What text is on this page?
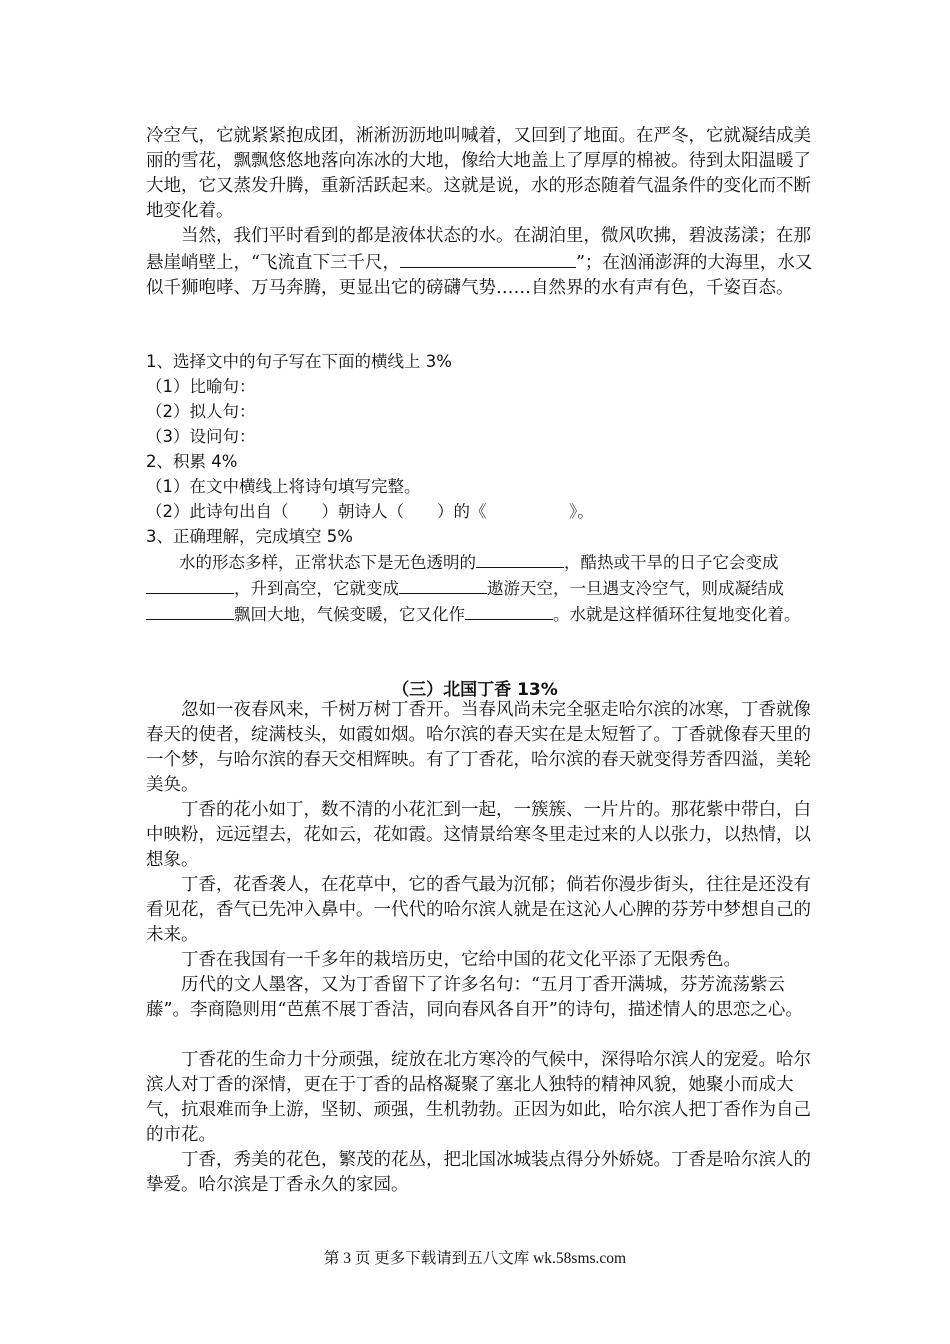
冷空气，它就紧紧抱成团，淅淅沥沥地叫喊着，又回到了地面。在严冬，它就凝结成美丽的雪花，飘飘悠悠地落向冻冰的大地，像给大地盖上了厚厚的棉被。待到太阳温暖了大地，它又蒸发升腾，重新活跃起来。这就是说，水的形态随着气温条件的变化而不断地变化着。

　　当然，我们平时看到的都是液体状态的水。在湖泊里，微风吹拂，碧波荡漾；在那悬崖峭壁上，“飞流直下三千尺，	”；在汹涌澎湃的大海里，水又似千狮咆哮、万马奔腾，更显出它的磅礴气势……自然界的水有声有色，千姿百态。

1、选择文中的句子写在下面的横线上 3%

（1）比喻句：

（2）拟人句：

（3）设问句：

2、积累 4%

（1）在文中横线上将诗句填写完整。

（2）此诗句出自（　　）朝诗人（　　）的《　　　　　》。

3、正确理解，完成填空 5%

　　水的形态多样，正常状态下是无色透明的	，酷热或干旱的日子它会变成，升到高空，它就变成	遨游天空，一旦遇支冷空气，则成凝结成飘回大地，气候变暖，它又化作	。水就是这样循环往复地变化着。

（三）北国丁香 13%

　　忽如一夜春风来，千树万树丁香开。当春风尚未完全驱走哈尔滨的冰寒，丁香就像春天的使者，绽满枝头，如霞如烟。哈尔滨的春天实在是太短暂了。丁香就像春天里的一个梦，与哈尔滨的春天交相辉映。有了丁香花，哈尔滨的春天就变得芳香四溢，美轮美奂。

　　丁香的花小如丁，数不清的小花汇到一起，一簇簇、一片片的。那花紫中带白，白中映粉，远远望去，花如云，花如霞。这情景给寒冬里走过来的人以张力，以热情，以想象。

　　丁香，花香袭人，在花草中，它的香气最为沉郁；倘若你漫步街头，往往是还没有看见花，香气已先冲入鼻中。一代代的哈尔滨人就是在这沁人心脾的芬芳中梦想自己的未来。

　　丁香在我国有一千多年的栽培历史，它给中国的花文化平添了无限秀色。

　　历代的文人墨客，又为丁香留下了许多名句：“五月丁香开满城，芬芳流荡紫云藤”。李商隐则用“芭蕉不展丁香洁，同向春风各自开”的诗句，描述情人的思恋之心。

　　丁香花的生命力十分顽强，绽放在北方寒冷的气候中，深得哈尔滨人的宠爱。哈尔滨人对丁香的深情，更在于丁香的品格凝聚了塞北人独特的精神风貌，她聚小而成大气，抗艰难而争上游，坚韧、顽强，生机勃勃。正因为如此，哈尔滨人把丁香作为自己的市花。

　　丁香，秀美的花色，繁茂的花丛，把北国冰城装点得分外娇娆。丁香是哈尔滨人的挚爱。哈尔滨是丁香永久的家园。

第 3 页 更多下载请到五八文库 wk.58sms.com
